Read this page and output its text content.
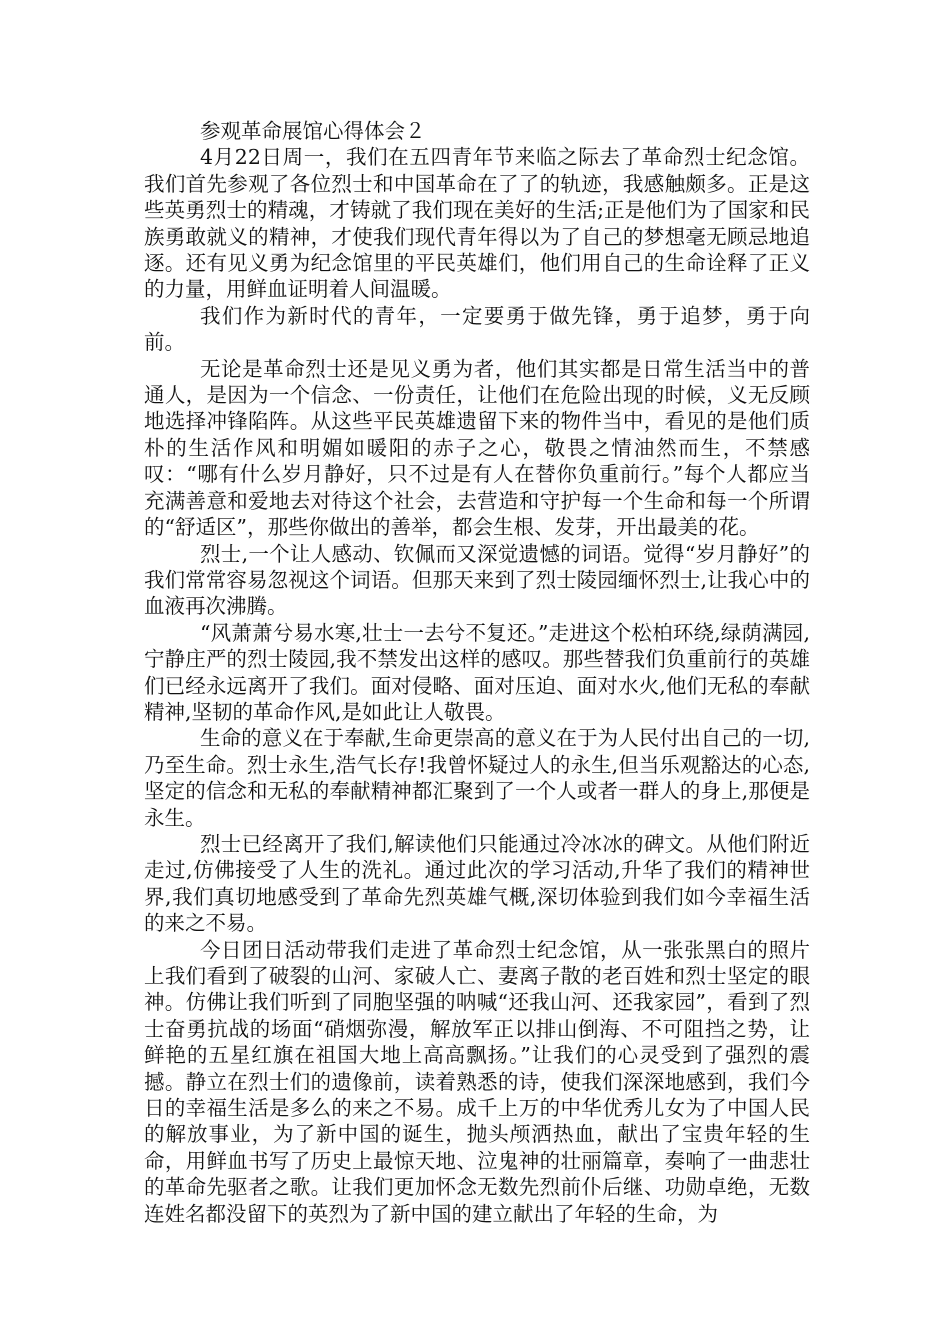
参观革命展馆心得体会２

4月22日周一，我们在五四青年节来临之际去了革命烈士纪念馆。我们首先参观了各位烈士和中国革命在了了的轨迹，我感触颇多。正是这些英勇烈士的精魂，才铸就了我们现在美好的生活;正是他们为了国家和民族勇敢就义的精神，才使我们现代青年得以为了自己的梦想毫无顾忌地追逐。还有见义勇为纪念馆里的平民英雄们，他们用自己的生命诠释了正义的力量，用鲜血证明着人间温暖。

我们作为新时代的青年，一定要勇于做先锋，勇于追梦，勇于向前。

无论是革命烈士还是见义勇为者，他们其实都是日常生活当中的普通人，是因为一个信念、一份责任，让他们在危险出现的时候，义无反顾地选择冲锋陷阵。从这些平民英雄遗留下来的物件当中，看见的是他们质朴的生活作风和明媚如暖阳的赤子之心，敬畏之情油然而生，不禁感叹：“哪有什么岁月静好，只不过是有人在替你负重前行。”每个人都应当充满善意和爱地去对待这个社会，去营造和守护每一个生命和每一个所谓的“舒适区”，那些你做出的善举，都会生根、发芽，开出最美的花。

烈士,一个让人感动、钦佩而又深觉遗憾的词语。觉得“岁月静好”的我们常常容易忽视这个词语。但那天来到了烈士陵园缅怀烈士,让我心中的血液再次沸腾。

“风萧萧兮易水寒,壮士一去兮不复还。”走进这个松柏环绕,绿荫满园,宁静庄严的烈士陵园,我不禁发出这样的感叹。那些替我们负重前行的英雄们已经永远离开了我们。面对侵略、面对压迫、面对水火,他们无私的奉献精神,坚韧的革命作风,是如此让人敬畏。

生命的意义在于奉献,生命更崇高的意义在于为人民付出自己的一切,乃至生命。烈士永生,浩气长存!我曾怀疑过人的永生,但当乐观豁达的心态,坚定的信念和无私的奉献精神都汇聚到了一个人或者一群人的身上,那便是永生。

烈士已经离开了我们,解读他们只能通过冷冰冰的碑文。从他们附近走过,仿佛接受了人生的洗礼。通过此次的学习活动,升华了我们的精神世界,我们真切地感受到了革命先烈英雄气概,深切体验到我们如今幸福生活的来之不易。

今日团日活动带我们走进了革命烈士纪念馆，从一张张黑白的照片上我们看到了破裂的山河、家破人亡、妻离子散的老百姓和烈士坚定的眼神。仿佛让我们听到了同胞坚强的呐喊“还我山河、还我家园”，看到了烈士奋勇抗战的场面“硝烟弥漫，解放军正以排山倒海、不可阻挡之势，让鲜艳的五星红旗在祖国大地上高高飘扬。”让我们的心灵受到了强烈的震撼。静立在烈士们的遗像前，读着熟悉的诗，使我们深深地感到，我们今日的幸福生活是多么的来之不易。成千上万的中华优秀儿女为了中国人民的解放事业，为了新中国的诞生，抛头颅洒热血，献出了宝贵年轻的生命，用鲜血书写了历史上最惊天地、泣鬼神的壮丽篇章，奏响了一曲悲壮的革命先驱者之歌。让我们更加怀念无数先烈前仆后继、功勋卓绝，无数连姓名都没留下的英烈为了新中国的建立献出了年轻的生命，为
